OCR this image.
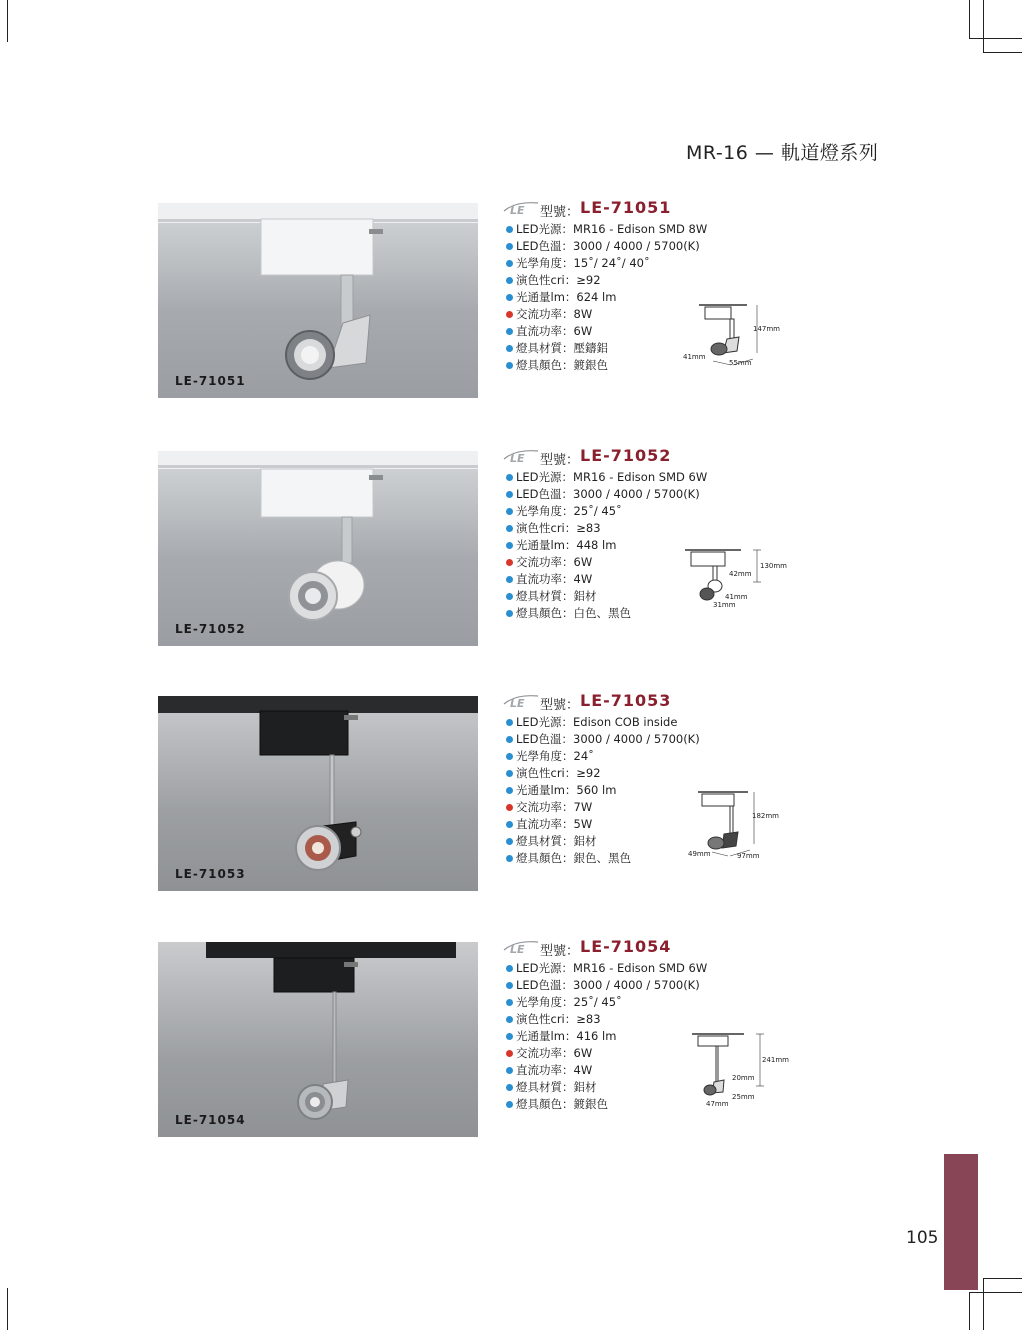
MR-16 — 軌道燈系列
LE-71051
LE 型號： LE-71051
LED光源：MR16 - Edison SMD 8W
LED色溫：3000 / 4000 / 5700(K)
光學角度：15˚/ 24˚/ 40˚
演色性cri：≥92
光通量lm：624 lm
交流功率：8W
直流功率：6W
燈具材質：壓鑄鋁
燈具顏色：鍍銀色
147mm
41mm
55mm
LE-71052
LE 型號： LE-71052
LED光源：MR16 - Edison SMD 6W
LED色溫：3000 / 4000 / 5700(K)
光學角度：25˚/ 45˚
演色性cri：≥83
光通量lm：448 lm
交流功率：6W
直流功率：4W
燈具材質：鋁材
燈具顏色：白色、黑色
130mm
42mm
41mm
31mm
LE-71053
LE 型號： LE-71053
LED光源：Edison COB inside
LED色溫：3000 / 4000 / 5700(K)
光學角度：24˚
演色性cri：≥92
光通量lm：560 lm
交流功率：7W
直流功率：5W
燈具材質：鋁材
燈具顏色：銀色、黑色
182mm
49mm	97mm
LE-71054
LE 型號： LE-71054
LED光源：MR16 - Edison SMD 6W
LED色溫：3000 / 4000 / 5700(K)
光學角度：25˚/ 45˚
演色性cri：≥83
光通量lm：416 lm
交流功率：6W
直流功率：4W
燈具材質：鋁材
燈具顏色：鍍銀色
241mm
20mm
25mm
47mm
105
